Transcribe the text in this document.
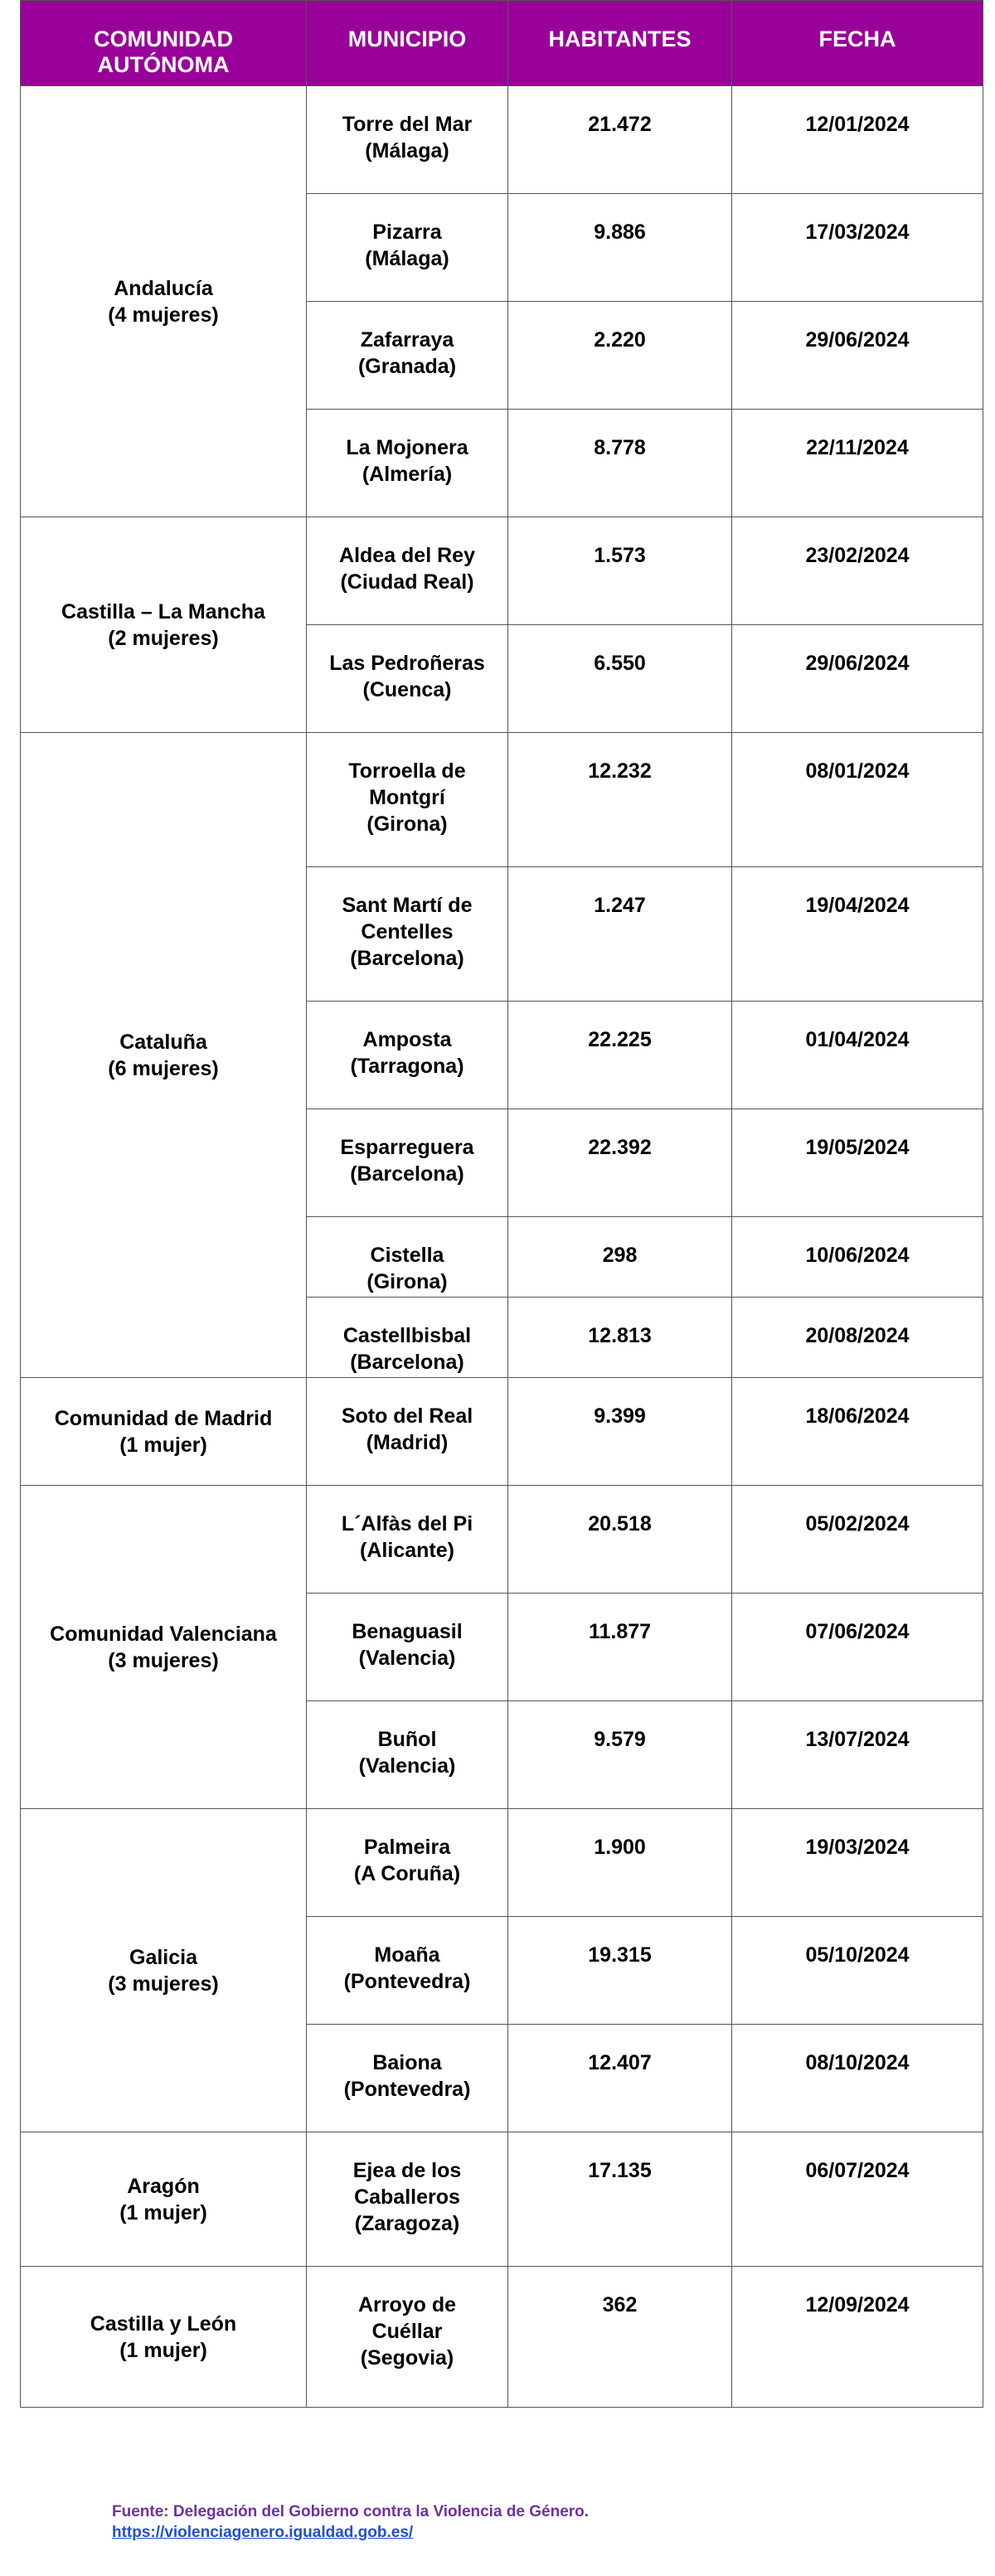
COMUNIDAD
AUTÓNOMA	MUNICIPIO	HABITANTES	FECHA

Andalucía
(4 mujeres)	Torre del Mar
(Málaga)	21.472	12/01/2024

	Pizarra
(Málaga)	9.886	17/03/2024

	Zafarraya
(Granada)	2.220	29/06/2024

	La Mojonera
(Almería)	8.778	22/11/2024

Castilla – La Mancha
(2 mujeres)	Aldea del Rey
(Ciudad Real)	1.573	23/02/2024

	Las Pedroñeras
(Cuenca)	6.550	29/06/2024

Cataluña
(6 mujeres)	Torroella de
Montgrí
(Girona)	12.232	08/01/2024

	Sant Martí de
Centelles
(Barcelona)	1.247	19/04/2024

	Amposta
(Tarragona)	22.225	01/04/2024

	Esparreguera
(Barcelona)	22.392	19/05/2024

	Cistella
(Girona)	298	10/06/2024

	Castellbisbal
(Barcelona)	12.813	20/08/2024

Comunidad de Madrid
(1 mujer)	Soto del Real
(Madrid)	9.399	18/06/2024

Comunidad Valenciana
(3 mujeres)	L´Alfàs del Pi
(Alicante)	20.518	05/02/2024

	Benaguasil
(Valencia)	11.877	07/06/2024

	Buñol
(Valencia)	9.579	13/07/2024

Galicia
(3 mujeres)	Palmeira
(A Coruña)	1.900	19/03/2024

	Moaña
(Pontevedra)	19.315	05/10/2024

	Baiona
(Pontevedra)	12.407	08/10/2024

Aragón
(1 mujer)	Ejea de los
Caballeros
(Zaragoza)	17.135	06/07/2024

Castilla y León
(1 mujer)	Arroyo de
Cuéllar
(Segovia)	362	12/09/2024
Fuente: Delegación del Gobierno contra la Violencia de Género.
https://violenciagenero.igualdad.gob.es/
